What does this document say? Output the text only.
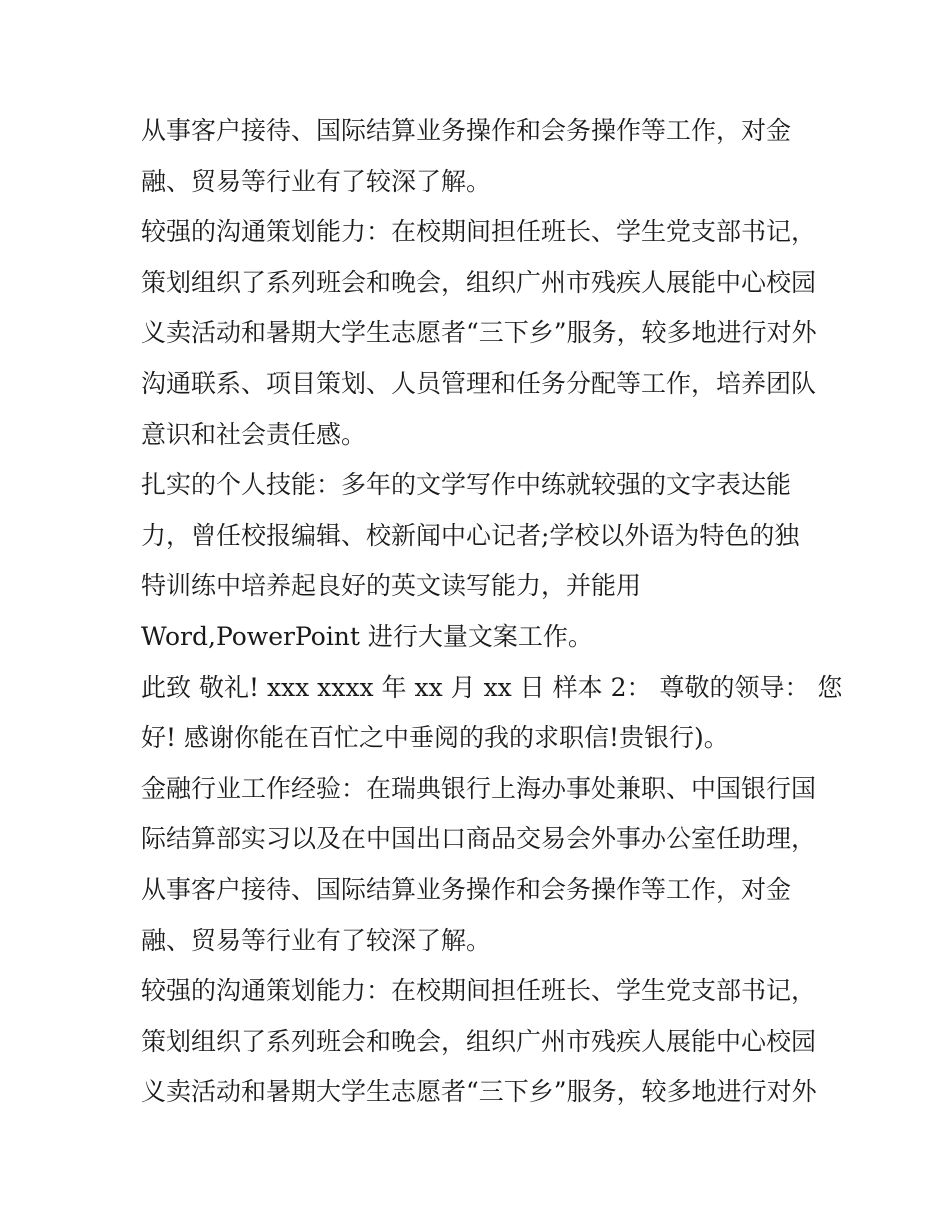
从事客户接待、国际结算业务操作和会务操作等工作，对金
融、贸易等行业有了较深了解。
较强的沟通策划能力：在校期间担任班长、学生党支部书记，
策划组织了系列班会和晚会，组织广州市残疾人展能中心校园
义卖活动和暑期大学生志愿者“三下乡”服务，较多地进行对外
沟通联系、项目策划、人员管理和任务分配等工作，培养团队
意识和社会责任感。
扎实的个人技能：多年的文学写作中练就较强的文字表达能
力，曾任校报编辑、校新闻中心记者;学校以外语为特色的独
特训练中培养起良好的英文读写能力，并能用
Word,PowerPoint 进行大量文案工作。
此致 敬礼! xxx xxxx 年 xx 月 xx 日 样本 2： 尊敬的领导： 您
好! 感谢你能在百忙之中垂阅的我的求职信!贵银行)。
金融行业工作经验：在瑞典银行上海办事处兼职、中国银行国
际结算部实习以及在中国出口商品交易会外事办公室任助理，
从事客户接待、国际结算业务操作和会务操作等工作，对金
融、贸易等行业有了较深了解。
较强的沟通策划能力：在校期间担任班长、学生党支部书记，
策划组织了系列班会和晚会，组织广州市残疾人展能中心校园
义卖活动和暑期大学生志愿者“三下乡”服务，较多地进行对外
